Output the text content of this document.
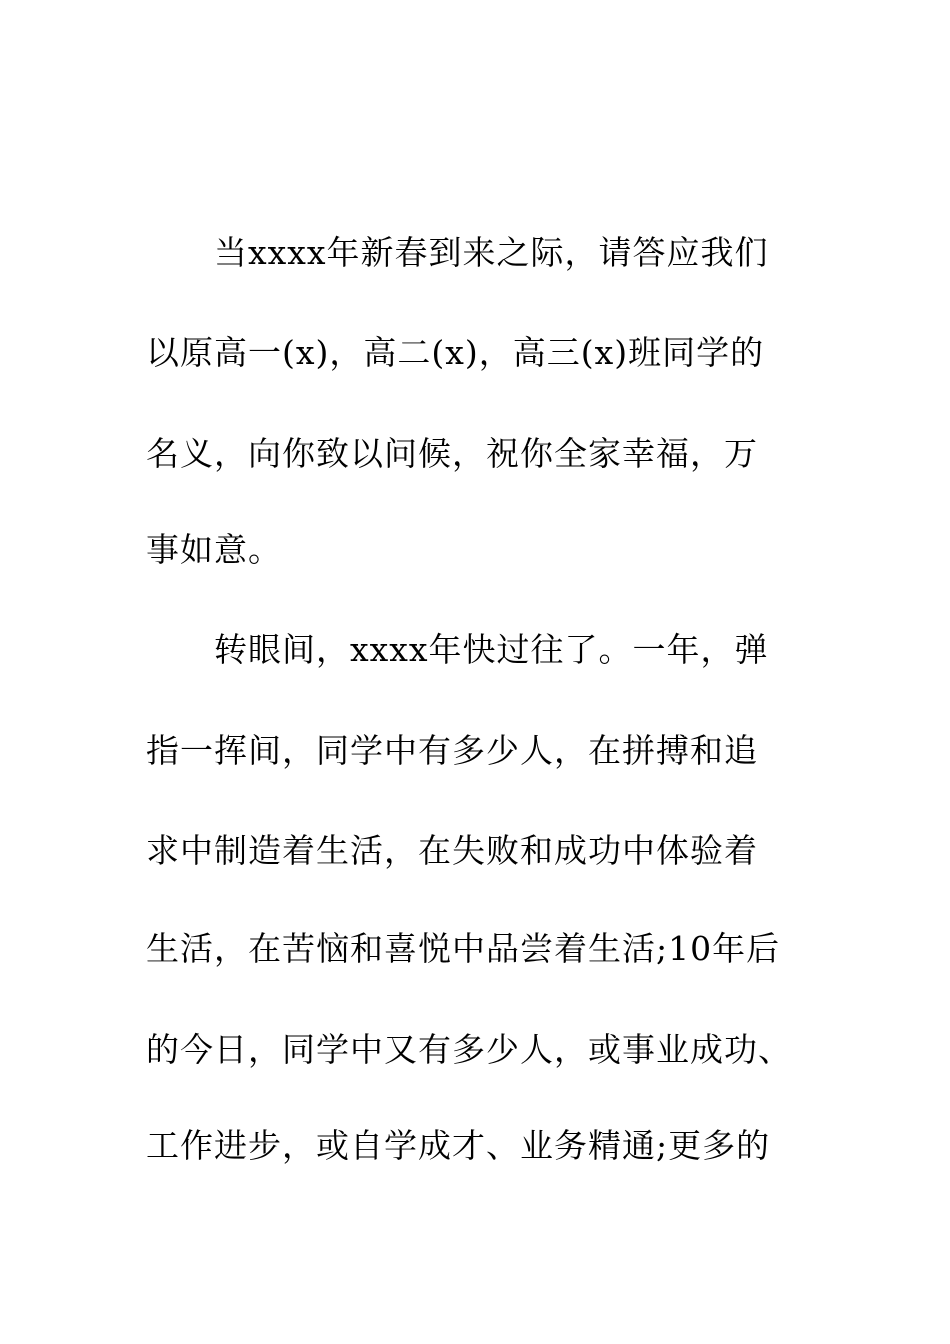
当xxxx年新春到来之际，请答应我们
以原高一(x)，高二(x)，高三(x)班同学的
名义，向你致以问候，祝你全家幸福，万
事如意。
转眼间，xxxx年快过往了。一年，弹
指一挥间，同学中有多少人，在拼搏和追
求中制造着生活，在失败和成功中体验着
生活，在苦恼和喜悦中品尝着生活;10年后
的今日，同学中又有多少人，或事业成功、
工作进步，或自学成才、业务精通;更多的
